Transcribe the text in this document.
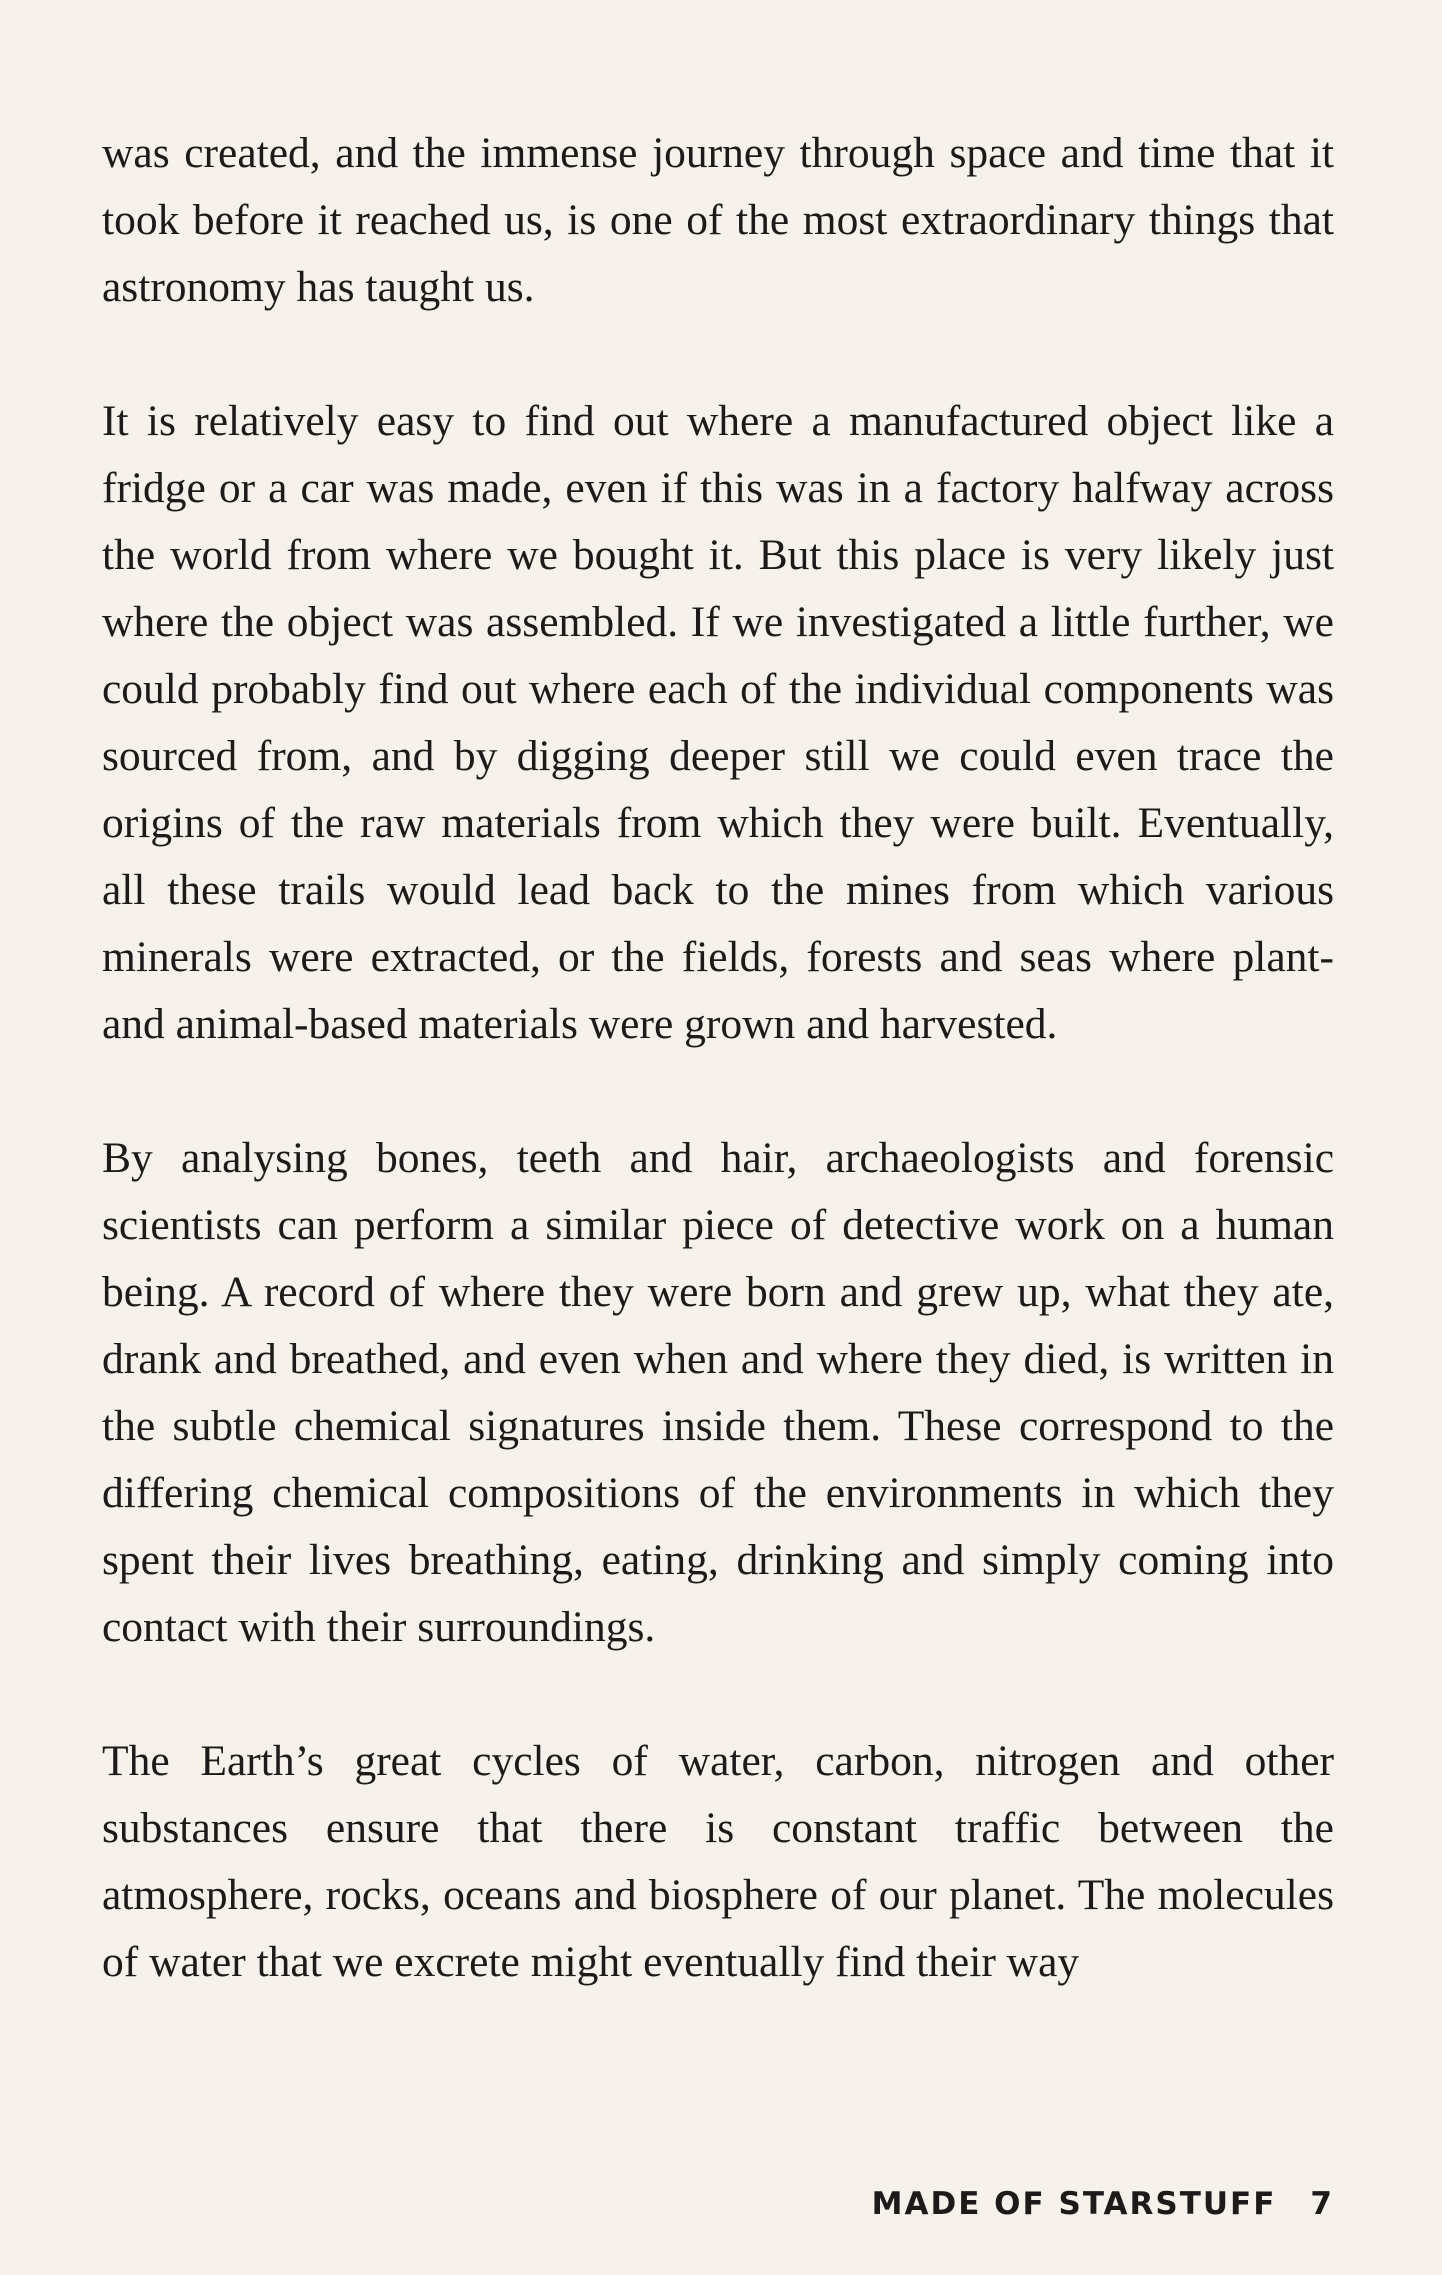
was created, and the immense journey through space and time that it took before it reached us, is one of the most extraordinary things that astronomy has taught us.

It is relatively easy to find out where a manufactured object like a fridge or a car was made, even if this was in a factory halfway across the world from where we bought it. But this place is very likely just where the object was assembled. If we investigated a little further, we could probably find out where each of the individual components was sourced from, and by digging deeper still we could even trace the origins of the raw materials from which they were built. Eventually, all these trails would lead back to the mines from which various minerals were extracted, or the fields, forests and seas where plant- and animal-based materials were grown and harvested.

By analysing bones, teeth and hair, archaeologists and forensic scientists can perform a similar piece of detective work on a human being. A record of where they were born and grew up, what they ate, drank and breathed, and even when and where they died, is written in the subtle chemical signatures inside them. These correspond to the differing chemical compositions of the environments in which they spent their lives breathing, eating, drinking and simply coming into contact with their surroundings.

The Earth’s great cycles of water, carbon, nitrogen and other substances ensure that there is constant traffic between the atmosphere, rocks, oceans and biosphere of our planet. The molecules of water that we excrete might eventually find their way

MADE OF STARSTUFF 7
